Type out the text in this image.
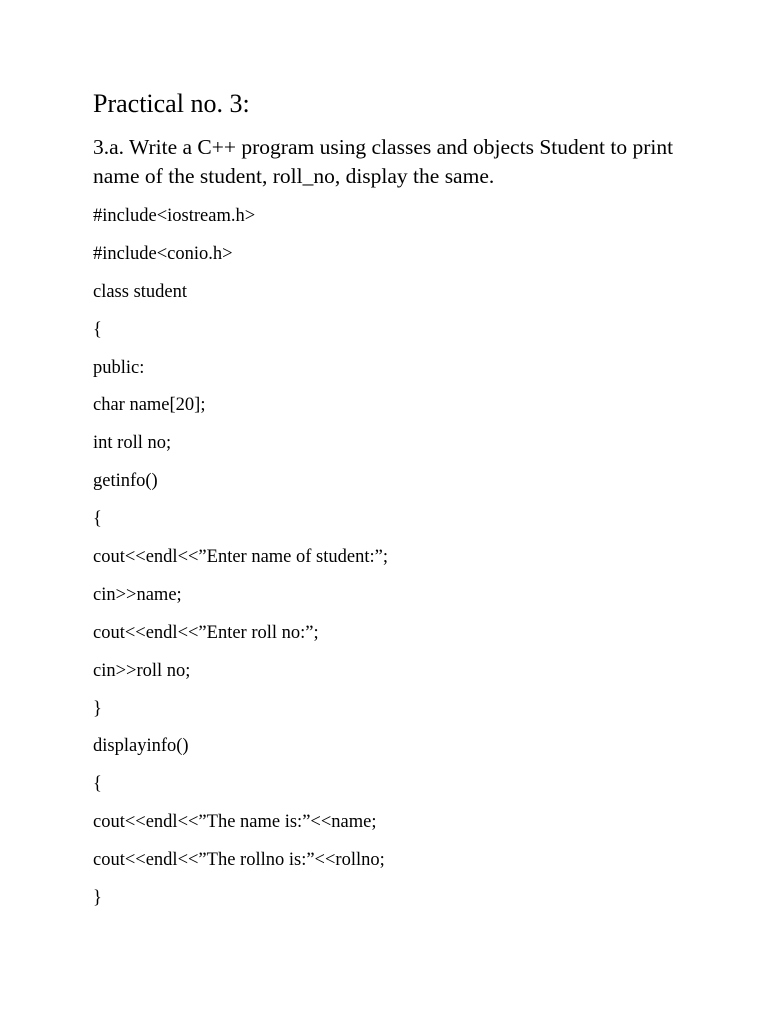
Practical no. 3:

3.a. Write a C++ program using classes and objects Student to print name of the student, roll_no, display the same.

#include<iostream.h>
#include<conio.h>
class student
{
public:
char name[20];
int roll no;
getinfo()
{
cout<<endl<<”Enter name of student:”;
cin>>name;
cout<<endl<<”Enter roll no:”;
cin>>roll no;
}
displayinfo()
{
cout<<endl<<”The name is:”<<name;
cout<<endl<<”The rollno is:”<<rollno;
}
